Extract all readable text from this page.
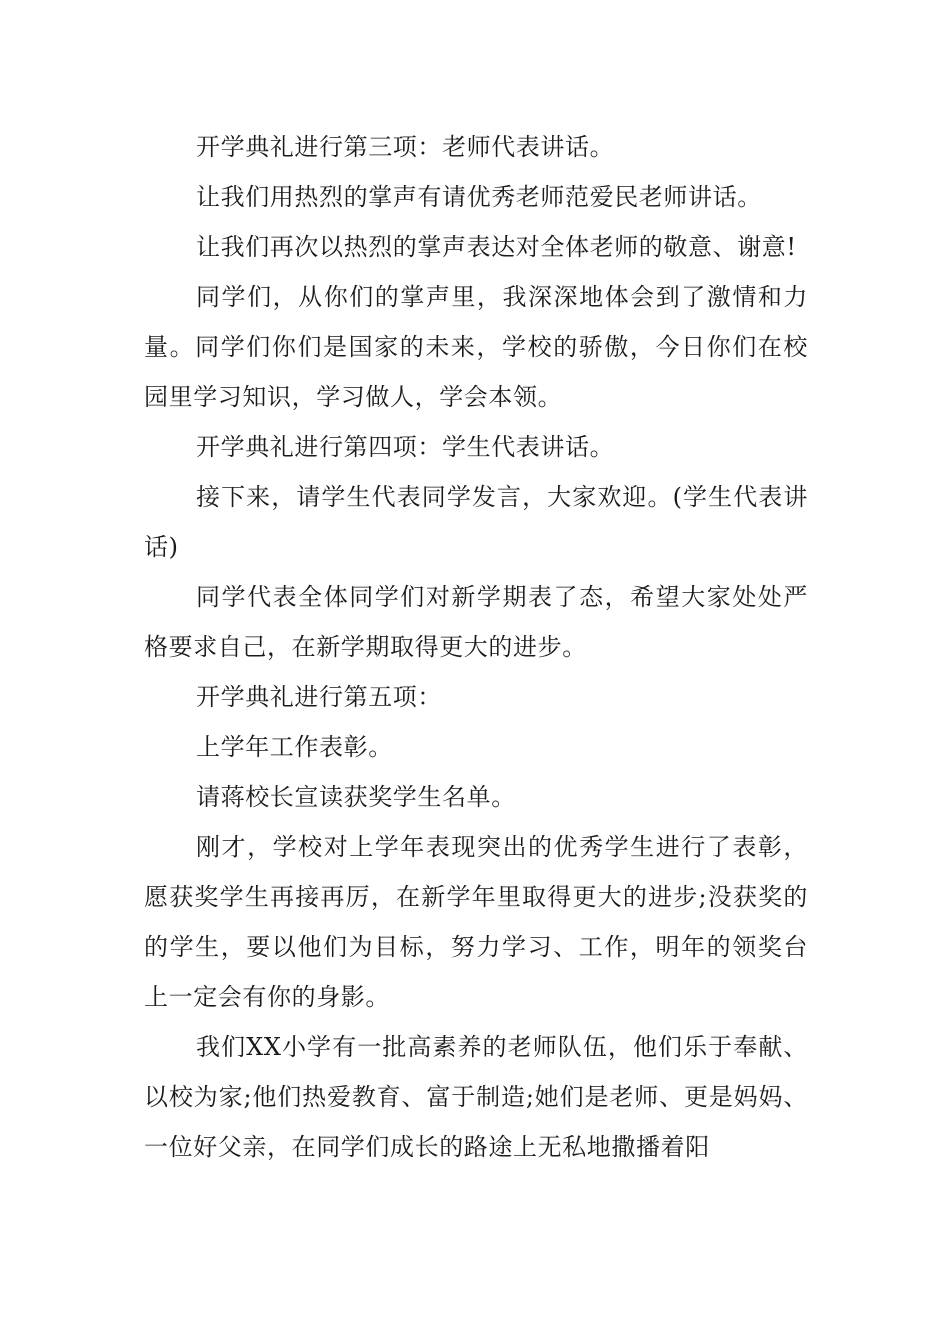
开学典礼进行第三项：老师代表讲话。

让我们用热烈的掌声有请优秀老师范爱民老师讲话。

让我们再次以热烈的掌声表达对全体老师的敬意、谢意!

同学们，从你们的掌声里，我深深地体会到了激情和力量。同学们你们是国家的未来，学校的骄傲，今日你们在校园里学习知识，学习做人，学会本领。

开学典礼进行第四项：学生代表讲话。

接下来，请学生代表同学发言，大家欢迎。(学生代表讲话)

同学代表全体同学们对新学期表了态，希望大家处处严格要求自己，在新学期取得更大的进步。

开学典礼进行第五项：

上学年工作表彰。

请蒋校长宣读获奖学生名单。

刚才，学校对上学年表现突出的优秀学生进行了表彰，愿获奖学生再接再厉，在新学年里取得更大的进步;没获奖的的学生，要以他们为目标，努力学习、工作，明年的领奖台上一定会有你的身影。

我们XX小学有一批高素养的老师队伍，他们乐于奉献、以校为家;他们热爱教育、富于制造;她们是老师、更是妈妈、一位好父亲，在同学们成长的路途上无私地撒播着阳
